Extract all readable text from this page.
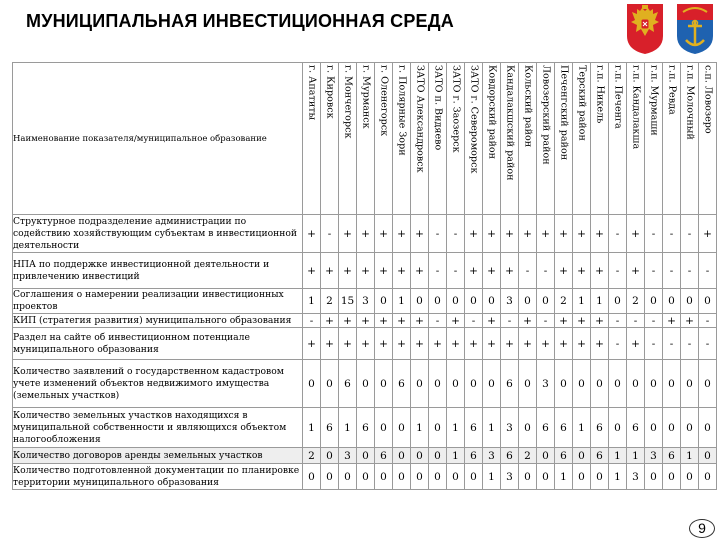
МУНИЦИПАЛЬНАЯ ИНВЕСТИЦИОННАЯ СРЕДА
Наименование показателя/муниципальное образование	г. Апатиты	г. Кировск	г. Мончегорск	г. Мурманск	г. Оленегорск	г. Полярные Зори	ЗАТО Александровск	ЗАТО п. Видяево	ЗАТО г. Заозерск	ЗАТО г. Североморск	Ковдорский район	Кандалакшский район	Кольский район	Ловозерский район	Печенгский район	Терский район	г.п. Никель	г.п. Печенга	г.п. Кандалакша	г.п. Мурмаши	г.п. Ревда	г.п. Молочный	с.п. Ловозеро

Структурное подразделение администрации по содействию хозяйствующим субъектам в инвестиционной деятельности	+	-	+	+	+	+	+	-	-	+	+	+	+	+	+	+	+	-	+	-	-	-	+
НПА по поддержке инвестиционной деятельности и привлечению инвестиций	+	+	+	+	+	+	+	-	-	+	+	+	-	-	+	+	+	-	+	-	-	-	-
Соглашения о намерении реализации инвестиционных проектов	1	2	15	3	0	1	0	0	0	0	0	3	0	0	2	1	1	0	2	0	0	0	0
КИП (стратегия развития) муниципального образования	-	+	+	+	+	+	+	-	+	-	+	-	+	-	+	+	+	-	-	-	+	+	-
Раздел на сайте об инвестиционном потенциале муниципального образования	+	+	+	+	+	+	+	+	+	+	+	+	+	+	+	+	+	-	+	-	-	-	-
Количество заявлений о государственном кадастровом учете изменений объектов недвижимого имущества (земельных участков)	0	0	6	0	0	6	0	0	0	0	0	6	0	3	0	0	0	0	0	0	0	0	0
Количество земельных участков находящихся в муниципальной собственности и являющихся объектом налогообложения	1	6	1	6	0	0	1	0	1	6	1	3	0	6	6	1	6	0	6	0	0	0	0
Количество договоров аренды земельных участков	2	0	3	0	6	0	0	0	1	6	3	6	2	0	6	0	6	1	1	3	6	1	0
Количество подготовленной документации по планировке территории муниципального образования	0	0	0	0	0	0	0	0	0	0	1	3	0	0	1	0	0	1	3	0	0	0	0
9
